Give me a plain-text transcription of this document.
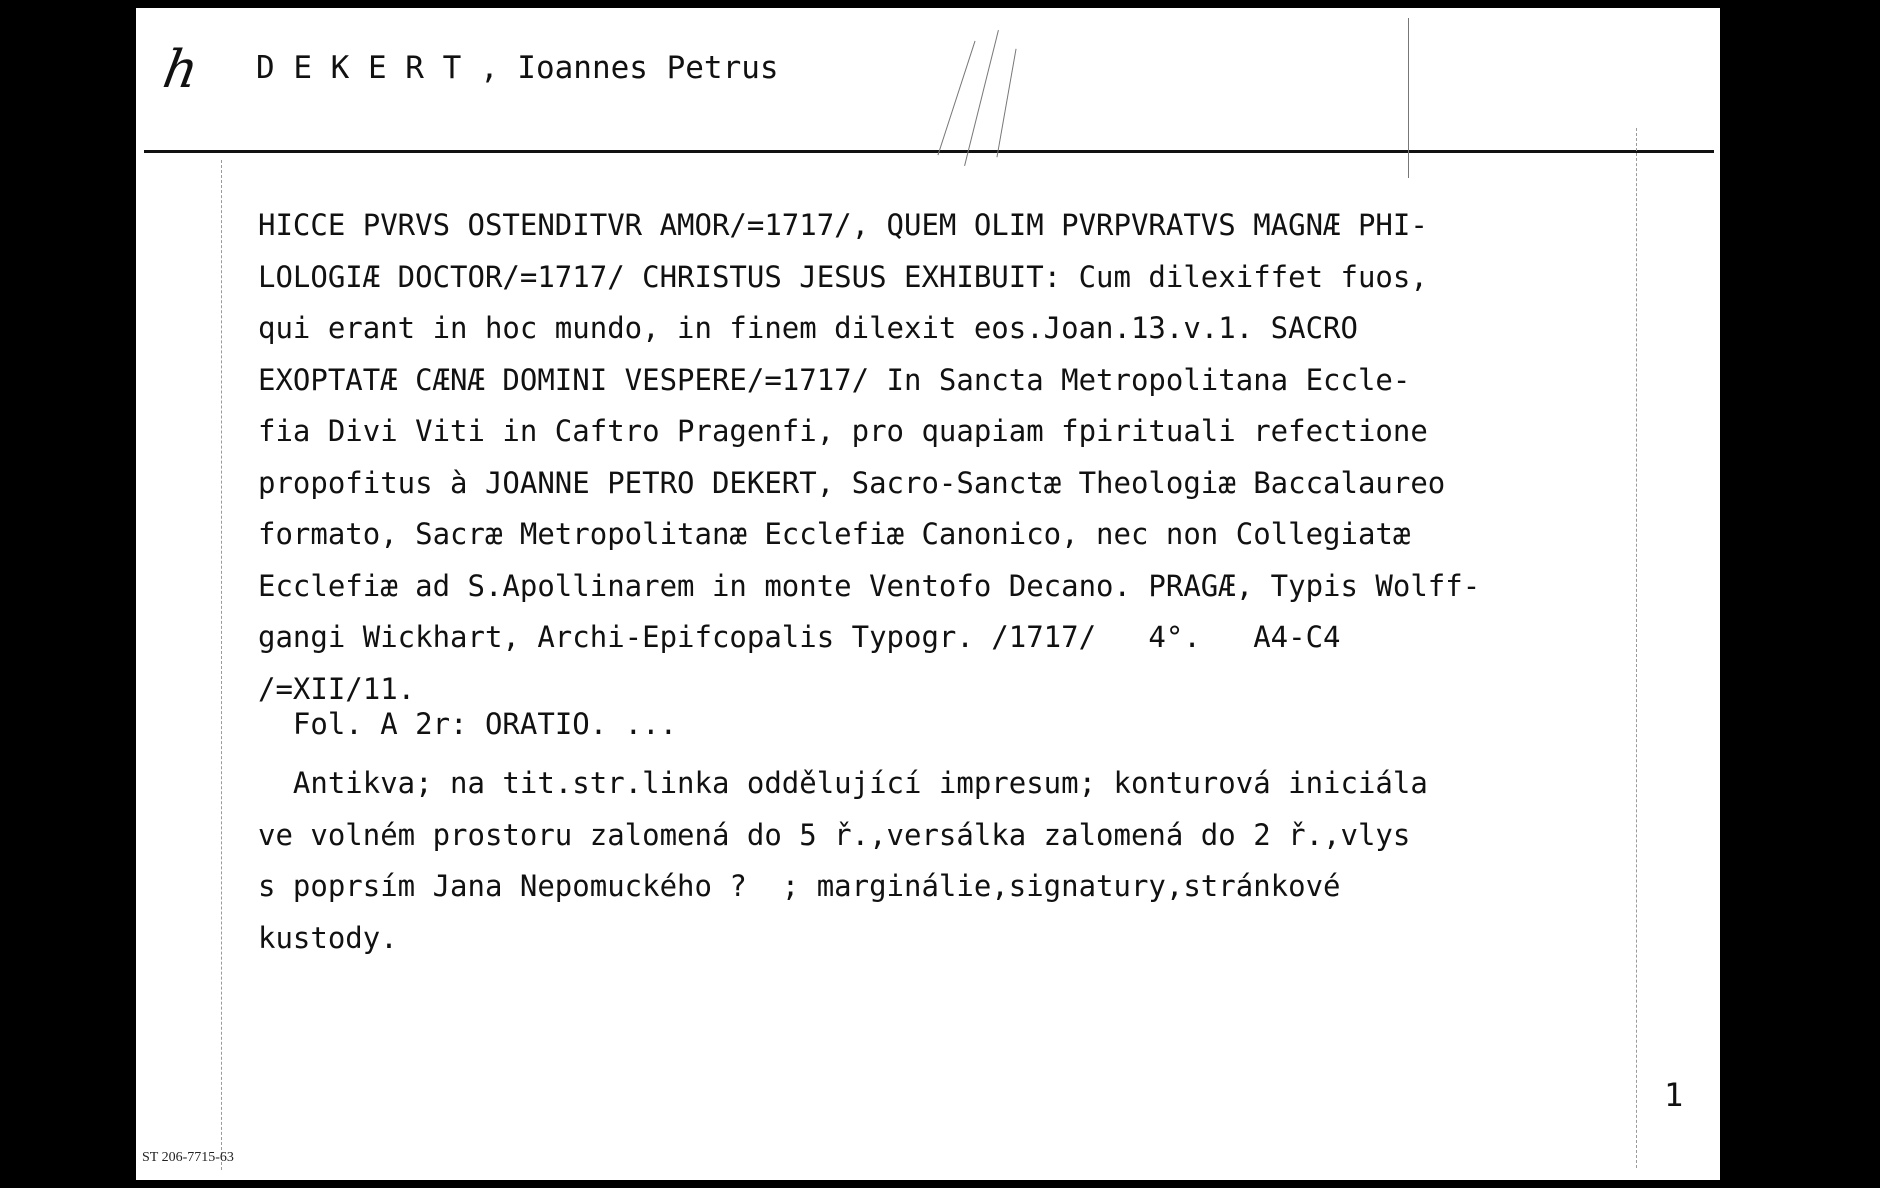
h D E K E R T , Ioannes Petrus
HICCE PVRVS OSTENDITVR AMOR/=1717/, QUEM OLIM PVRPVRATVS MAGNÆ PHI-
LOLOGIÆ DOCTOR/=1717/ CHRISTUS JESUS EXHIBUIT: Cum dilexiffet fuos,
qui erant in hoc mundo, in finem dilexit eos.Joan.13.v.1. SACRO
EXOPTATÆ CÆNÆ DOMINI VESPERE/=1717/ In Sancta Metropolitana Eccle-
fia Divi Viti in Caftro Pragenfi, pro quapiam fpirituali refectione
propofitus à JOANNE PETRO DEKERT, Sacro-Sanctæ Theologiæ Baccalaureo
formato, Sacræ Metropolitanæ Ecclefiæ Canonico, nec non Collegiatæ
Ecclefiæ ad S.Apollinarem in monte Ventofo Decano. PRAGÆ, Typis Wolff-
gangi Wickhart, Archi-Epifcopalis Typogr. /1717/   4°.   A4-C4
/=XII/11.
Fol. A 2r: ORATIO. ...
Antikva; na tit.str.linka oddělující impresum; konturová iniciála
ve volném prostoru zalomená do 5 ř.,versálka zalomená do 2 ř.,vlys
s poprsím Jana Nepomuckého ?  ; marginálie,signatury,stránkové
kustody.
1
ST 206-7715-63
